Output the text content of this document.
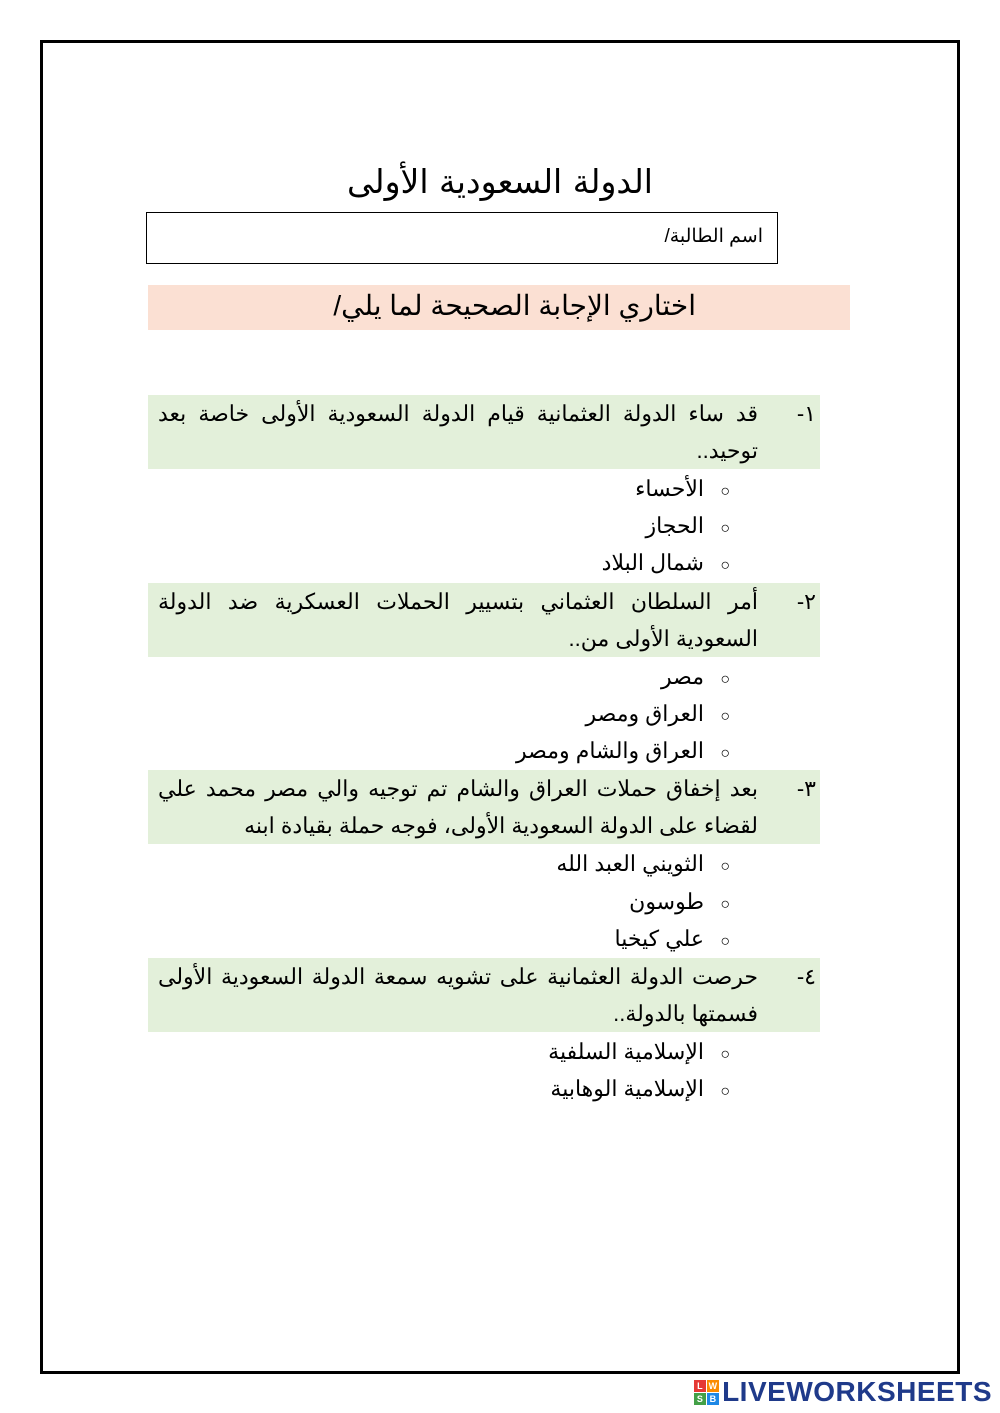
الدولة السعودية الأولى
اسم الطالبة/
اختاري الإجابة الصحيحة لما يلي/
١-
قد ساء الدولة العثمانية قيام الدولة السعودية الأولى خاصة بعد توحيد..
○الأحساء
○الحجاز
○شمال البلاد
٢-
أمر السلطان العثماني بتسيير الحملات العسكرية ضد الدولة السعودية الأولى من..
○مصر
○العراق ومصر
○العراق والشام ومصر
٣-
بعد إخفاق حملات العراق والشام تم توجيه والي مصر محمد علي لقضاء على الدولة السعودية الأولى، فوجه حملة بقيادة ابنه
○الثويني العبد الله
○طوسون
○علي كيخيا
٤-
حرصت الدولة العثمانية على تشويه سمعة الدولة السعودية الأولى فسمتها بالدولة..
○الإسلامية السلفية
○الإسلامية الوهابية
L W
S B LIVEWORKSHEETS
